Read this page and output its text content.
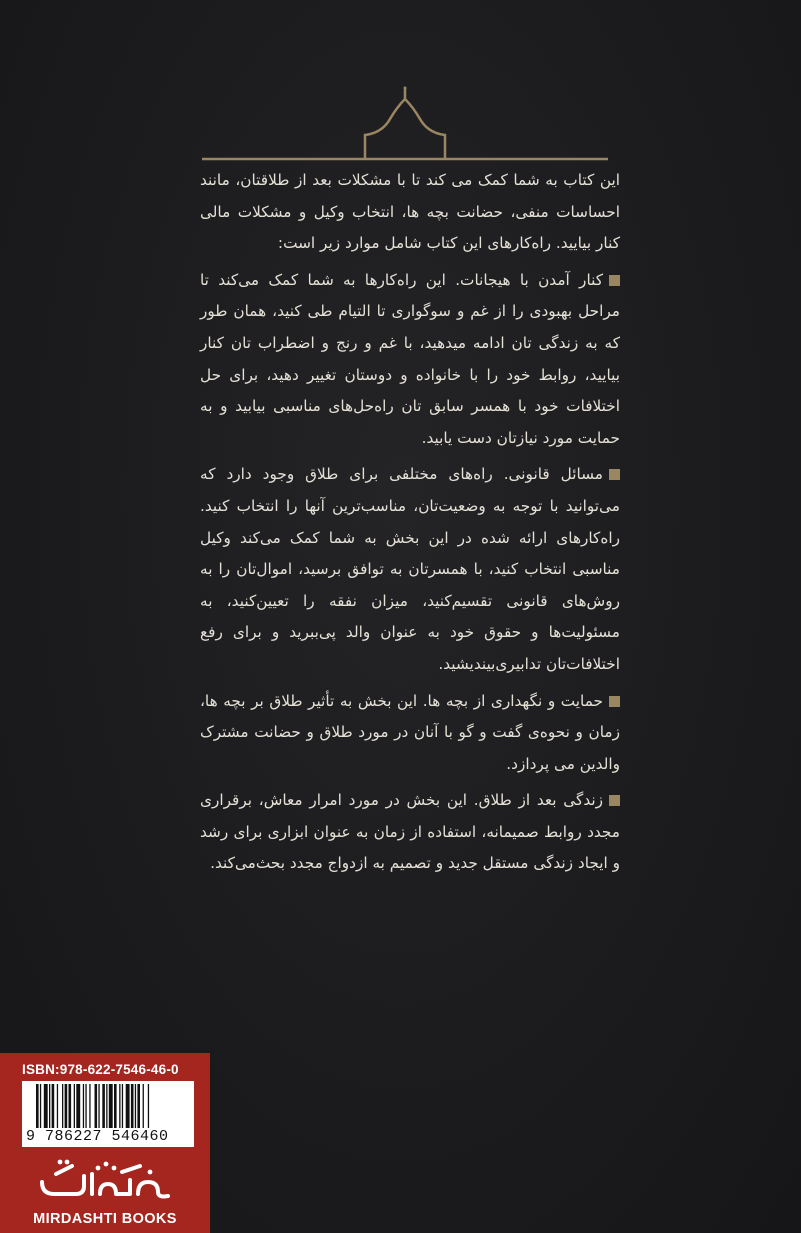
این کتاب به شما کمک می کند تا با مشکلات بعد از طلاقتان، مانند احساسات منفی، حضانت بچه ها، انتخاب وکیل و مشکلات مالی کنار بیایید. راه‌کارهای این کتاب شامل موارد زیر است:

کنار آمدن با هیجانات. این راه‌کارها به شما کمک می‌کند تا مراحل بهبودی را از غم و سوگواری تا التیام طی کنید، همان طور که به زندگی تان ادامه میدهید، با غم و رنج و اضطراب تان کنار بیایید، روابط خود را با خانواده و دوستان تغییر دهید، برای حل اختلافات خود با همسر سابق تان راه‌حل‌های مناسبی بیابید و به حمایت مورد نیازتان دست یابید.

مسائل قانونی. راه‌های مختلفی برای طلاق وجود دارد که می‌توانید با توجه به وضعیت‌تان، مناسب‌ترین آنها را انتخاب کنید. راه‌کارهای ارائه شده در این بخش به شما کمک می‌کند وکیل مناسبی انتخاب کنید، با همسرتان به توافق برسید، اموال‌تان را به روش‌های قانونی تقسیم‌کنید، میزان نفقه را تعیین‌کنید، به مسئولیت‌ها و حقوق خود به عنوان والد پی‌ببرید و برای رفع اختلافات‌تان تدابیری‌بیندیشید.

حمایت و نگهداری از بچه ها. این بخش به تأثیر طلاق بر بچه ها، زمان و نحوه‌ی گفت و گو با آنان در مورد طلاق و حضانت مشترک والدین می پردازد.

زندگی بعد از طلاق. این بخش در مورد امرار معاش، برقراری مجدد روابط صمیمانه، استفاده از زمان به عنوان ابزاری برای رشد و ایجاد زندگی مستقل جدید و تصمیم به ازدواج مجدد بحث‌می‌کند.

ISBN:978-622-7546-46-0
9 786227 546460
MIRDASHTI BOOKS
